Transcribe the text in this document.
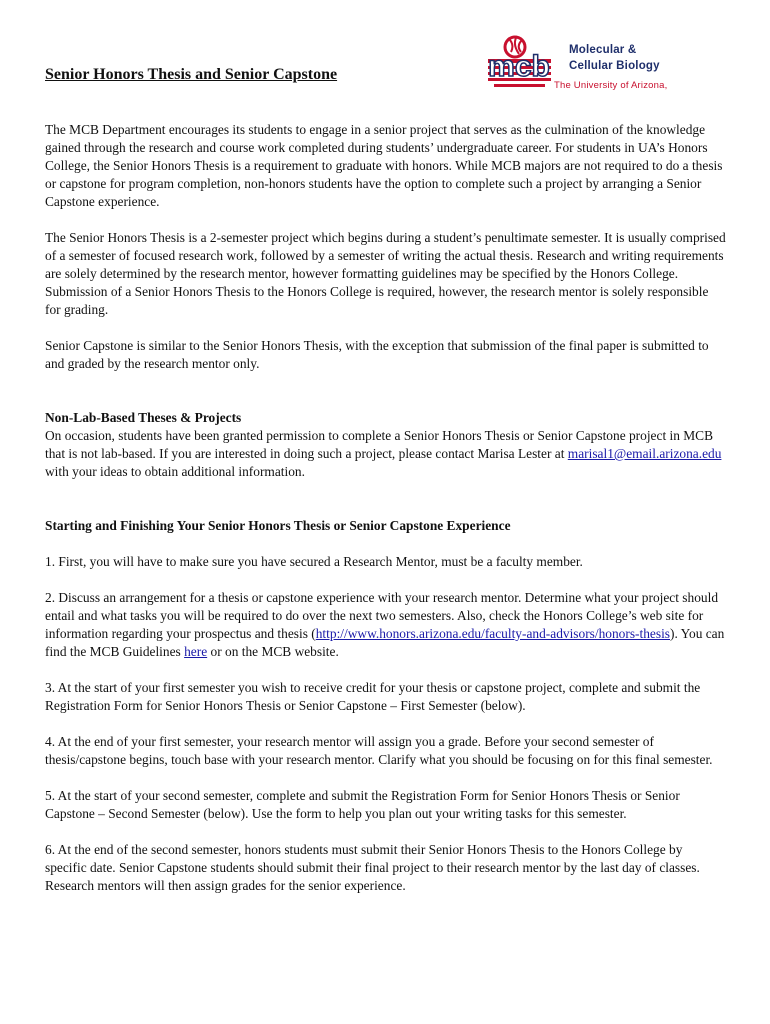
Senior Honors Thesis and Senior Capstone	mcb Molecular &
Cellular Biology
The University of Arizona,

The MCB Department encourages its students to engage in a senior project that serves as the culmination of the knowledge gained through the research and course work completed during students’ undergraduate career. For students in UA’s Honors College, the Senior Honors Thesis is a requirement to graduate with honors. While MCB majors are not required to do a thesis or capstone for program completion, non-honors students have the option to complete such a project by arranging a Senior Capstone experience.

The Senior Honors Thesis is a 2-semester project which begins during a student’s penultimate semester. It is usually comprised of a semester of focused research work, followed by a semester of writing the actual thesis. Research and writing requirements are solely determined by the research mentor, however formatting guidelines may be specified by the Honors College. Submission of a Senior Honors Thesis to the Honors College is required, however, the research mentor is solely responsible for grading.

Senior Capstone is similar to the Senior Honors Thesis, with the exception that submission of the final paper is submitted to and graded by the research mentor only.

Non-Lab-Based Theses & Projects
On occasion, students have been granted permission to complete a Senior Honors Thesis or Senior Capstone project in MCB that is not lab-based. If you are interested in doing such a project, please contact Marisa Lester at marisal1@email.arizona.edu with your ideas to obtain additional information.

Starting and Finishing Your Senior Honors Thesis or Senior Capstone Experience

1. First, you will have to make sure you have secured a Research Mentor, must be a faculty member.

2. Discuss an arrangement for a thesis or capstone experience with your research mentor. Determine what your project should entail and what tasks you will be required to do over the next two semesters. Also, check the Honors College’s web site for information regarding your prospectus and thesis (http://www.honors.arizona.edu/faculty-and-advisors/honors-thesis). You can find the MCB Guidelines here or on the MCB website.

3. At the start of your first semester you wish to receive credit for your thesis or capstone project, complete and submit the Registration Form for Senior Honors Thesis or Senior Capstone – First Semester (below).

4. At the end of your first semester, your research mentor will assign you a grade. Before your second semester of thesis/capstone begins, touch base with your research mentor. Clarify what you should be focusing on for this final semester.

5. At the start of your second semester, complete and submit the Registration Form for Senior Honors Thesis or Senior Capstone – Second Semester (below). Use the form to help you plan out your writing tasks for this semester.

6. At the end of the second semester, honors students must submit their Senior Honors Thesis to the Honors College by specific date. Senior Capstone students should submit their final project to their research mentor by the last day of classes. Research mentors will then assign grades for the senior experience.
